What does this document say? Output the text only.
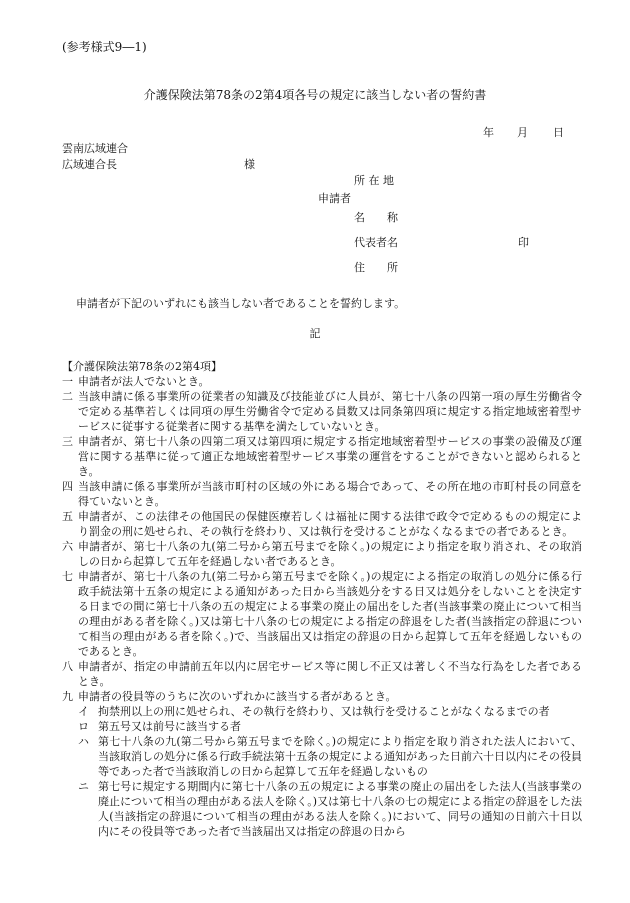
(参考様式9―1)
介護保険法第78条の2第4項各号の規定に該当しない者の誓約書
年 月 日
雲南広域連合
広域連合長	様
所 在 地
申請者
名　　称
代表者名	印
住　　所
申請者が下記のいずれにも該当しない者であることを誓約します。
記
【介護保険法第78条の2第4項】
一 申請者が法人でないとき。
二 当該申請に係る事業所の従業者の知識及び技能並びに人員が、第七十八条の四第一項の厚生労働省令で定める基準若しくは同項の厚生労働省令で定める員数又は同条第四項に規定する指定地域密着型サービスに従事する従業者に関する基準を満たしていないとき。
三 申請者が、第七十八条の四第二項又は第四項に規定する指定地域密着型サービスの事業の設備及び運営に関する基準に従って適正な地域密着型サービス事業の運営をすることができないと認められるとき。
四 当該申請に係る事業所が当該市町村の区域の外にある場合であって、その所在地の市町村長の同意を得ていないとき。
五 申請者が、この法律その他国民の保健医療若しくは福祉に関する法律で政令で定めるものの規定により罰金の刑に処せられ、その執行を終わり、又は執行を受けることがなくなるまでの者であるとき。
六 申請者が、第七十八条の九(第二号から第五号までを除く。)の規定により指定を取り消され、その取消しの日から起算して五年を経過しない者であるとき。
七 申請者が、第七十八条の九(第二号から第五号までを除く。)の規定による指定の取消しの処分に係る行政手続法第十五条の規定による通知があった日から当該処分をする日又は処分をしないことを決定する日までの間に第七十八条の五の規定による事業の廃止の届出をした者(当該事業の廃止について相当の理由がある者を除く。)又は第七十八条の七の規定による指定の辞退をした者(当該指定の辞退について相当の理由がある者を除く。)で、当該届出又は指定の辞退の日から起算して五年を経過しないものであるとき。
八 申請者が、指定の申請前五年以内に居宅サービス等に関し不正又は著しく不当な行為をした者であるとき。
九 申請者の役員等のうちに次のいずれかに該当する者があるとき。
イ 拘禁刑以上の刑に処せられ、その執行を終わり、又は執行を受けることがなくなるまでの者
ロ 第五号又は前号に該当する者
ハ 第七十八条の九(第二号から第五号までを除く。)の規定により指定を取り消された法人において、当該取消しの処分に係る行政手続法第十五条の規定による通知があった日前六十日以内にその役員等であった者で当該取消しの日から起算して五年を経過しないもの
ニ 第七号に規定する期間内に第七十八条の五の規定による事業の廃止の届出をした法人(当該事業の廃止について相当の理由がある法人を除く。)又は第七十八条の七の規定による指定の辞退をした法人(当該指定の辞退について相当の理由がある法人を除く。)において、同号の通知の日前六十日以内にその役員等であった者で当該届出又は指定の辞退の日から
